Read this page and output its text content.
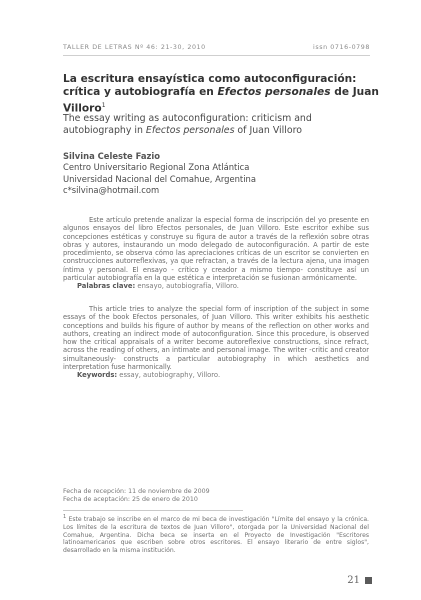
TALLER DE LETRAS Nº 46: 21-30, 2010	issn 0716-0798
La escritura ensayística como autoconfiguración: crítica y autobiografía en Efectos personales de Juan Villoro$^1$
The essay writing as autoconfiguration: criticism and autobiography in Efectos personales of Juan Villoro
Silvina Celeste Fazio
Centro Universitario Regional Zona Atlántica
Universidad Nacional del Comahue, Argentina
c*silvina@hotmail.com

Este artículo pretende analizar la especial forma de inscripción del yo presente en algunos ensayos del libro Efectos personales, de Juan Villoro. Este escritor exhibe sus concepciones estéticas y construye su figura de autor a través de la reflexión sobre otras obras y autores, instaurando un modo delegado de autoconfiguración. A partir de este procedimiento, se observa cómo las apreciaciones críticas de un escritor se convierten en construcciones autorreflexivas, ya que refractan, a través de la lectura ajena, una imagen íntima y personal. El ensayo - crítico y creador a mismo tiempo- constituye así un particular autobiografía en la que estética e interpretación se fusionan armónicamente.

Palabras clave: ensayo, autobiografía, Villoro.

This article tries to analyze the special form of inscription of the subject in some essays of the book Efectos personales, of Juan Villoro. This writer exhibits his aesthetic conceptions and builds his figure of author by means of the reflection on other works and authors, creating an indirect mode of autoconfiguration. Since this procedure, is observed how the critical appraisals of a writer become autoreflexive constructions, since refract, across the reading of others, an intimate and personal image. The writer -critic and creator simultaneously- constructs a particular autobiography in which aesthetics and interpretation fuse harmonically.

Keywords: essay, autobiography, Villoro.
Fecha de recepción: 11 de noviembre de 2009
Fecha de aceptación: 25 de enero de 2010
$^1$ Este trabajo se inscribe en el marco de mi beca de investigación "Límite del ensayo y la crónica. Los límites de la escritura de textos de Juan Villoro", otorgada por la Universidad Nacional del Comahue, Argentina. Dicha beca se inserta en el Proyecto de Investigación "Escritores latinoamericanos que escriben sobre otros escritores. El ensayo literario de entre siglos", desarrollado en la misma institución.
21
